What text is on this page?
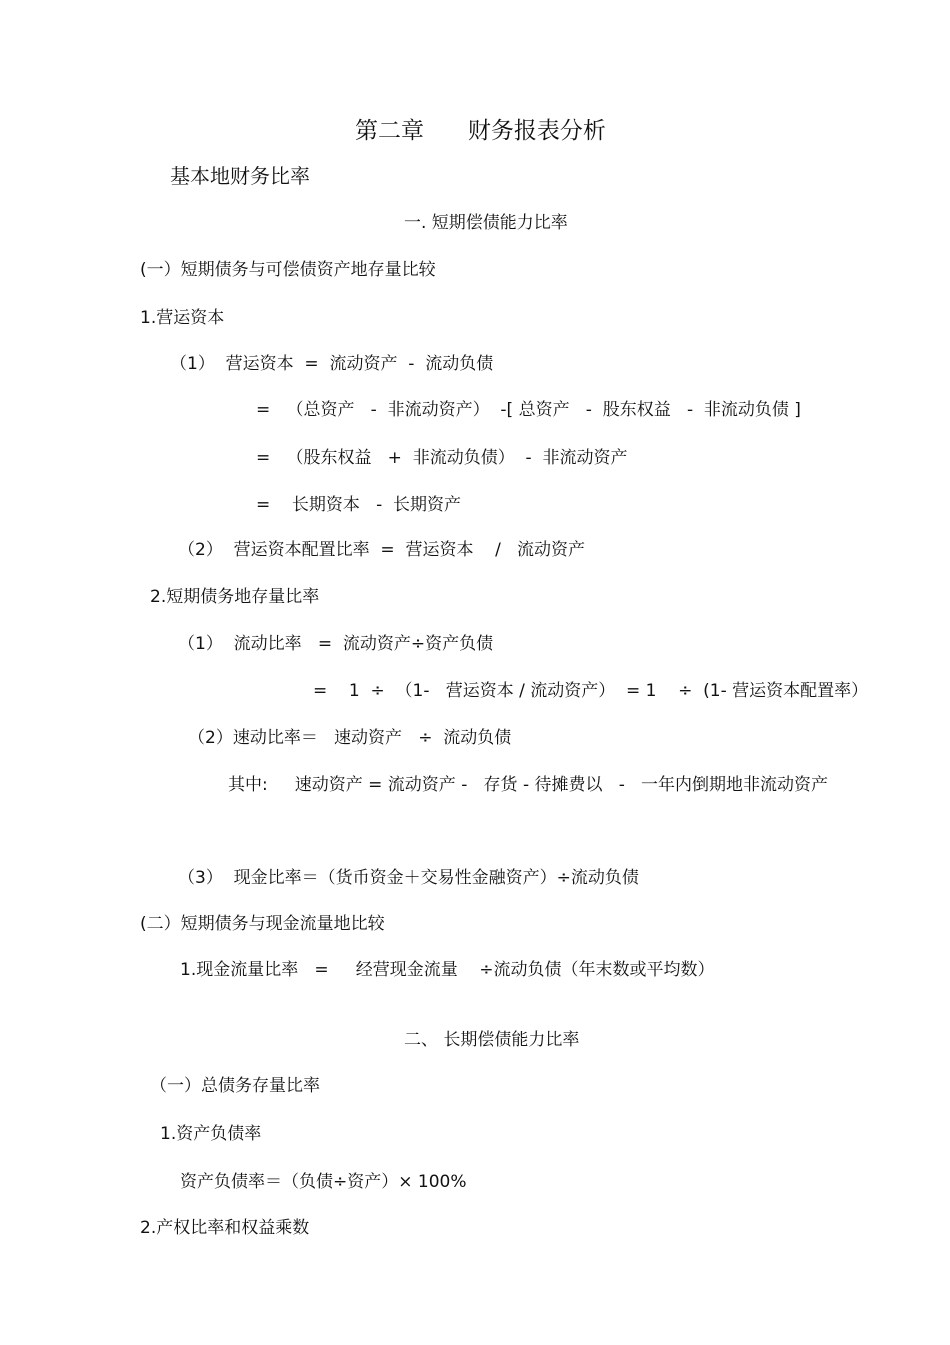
第二章      财务报表分析
基本地财务比率
一. 短期偿债能力比率
(一）短期债务与可偿债资产地存量比较
1.营运资本
（1）  营运资本  =  流动资产  -  流动负债
=   （总资产   -  非流动资产）  -[ 总资产   -  股东权益   -  非流动负债 ]
=   （股东权益   +  非流动负债）  -  非流动资产
=    长期资本   -  长期资产
（2）  营运资本配置比率  =  营运资本    /   流动资产
2.短期债务地存量比率
（1）  流动比率   =  流动资产÷资产负债
=    1  ÷  （1-   营运资本 / 流动资产）  = 1    ÷  (1- 营运资本配置率）
（2）速动比率＝   速动资产   ÷  流动负债
其中:     速动资产 = 流动资产 -   存货 - 待摊费以   -   一年内倒期地非流动资产
（3）  现金比率＝（货币资金＋交易性金融资产）÷流动负债
(二）短期债务与现金流量地比较
1.现金流量比率   =     经营现金流量    ÷流动负债（年末数或平均数）
二、 长期偿债能力比率
（一）总债务存量比率
1.资产负债率
资产负债率＝（负债÷资产）× 100%
2.产权比率和权益乘数
